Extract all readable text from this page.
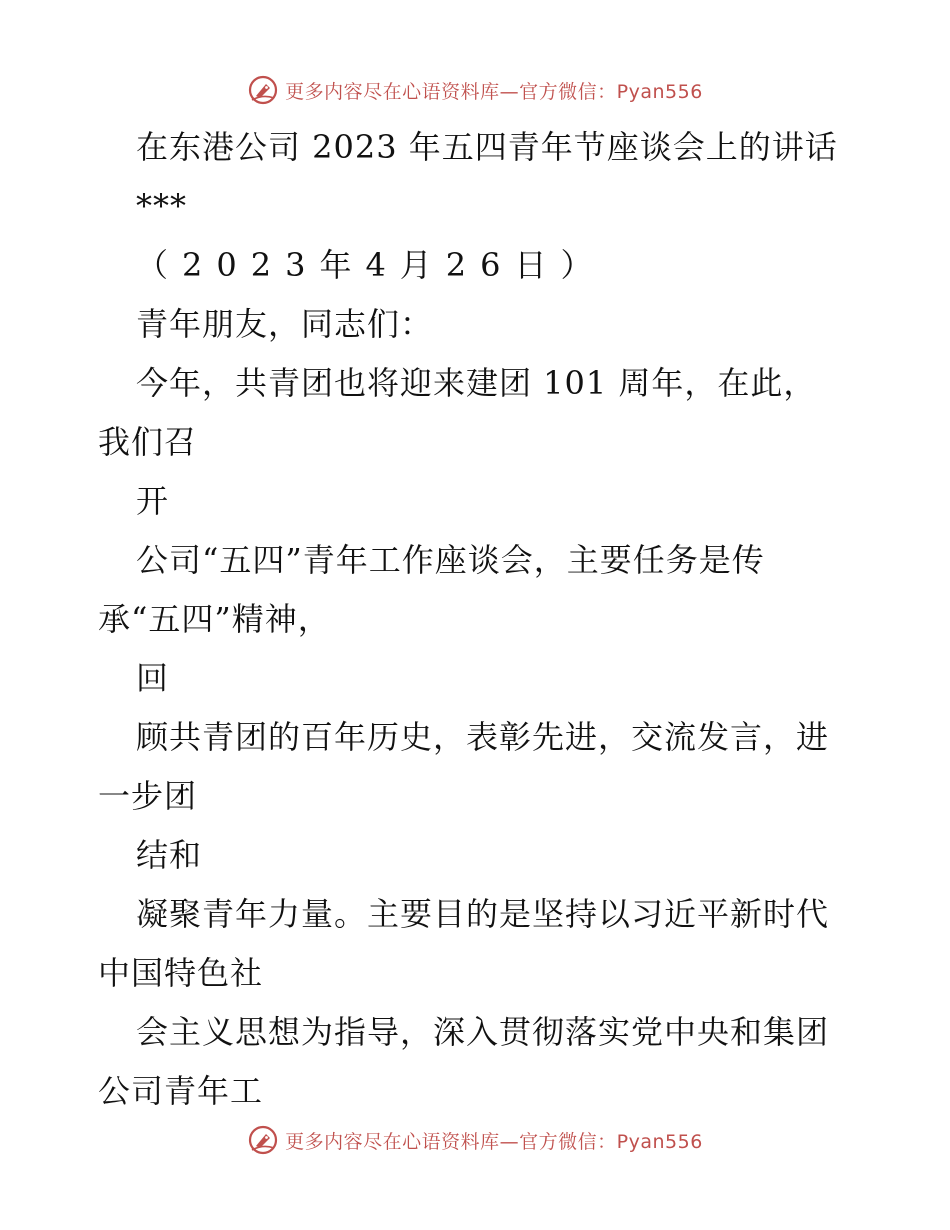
更多内容尽在心语资料库—官方微信：Pyan556
在东港公司 2023 年五四青年节座谈会上的讲话
***
（2023年4月26日）
青年朋友，同志们：
今年，共青团也将迎来建团 101 周年，在此，
我们召
开
公司“五四”青年工作座谈会，主要任务是传
承“五四”精神，
回
顾共青团的百年历史，表彰先进，交流发言，进
一步团
结和
凝聚青年力量。主要目的是坚持以习近平新时代
中国特色社
会主义思想为指导，深入贯彻落实党中央和集团
公司青年工
更多内容尽在心语资料库—官方微信：Pyan556
